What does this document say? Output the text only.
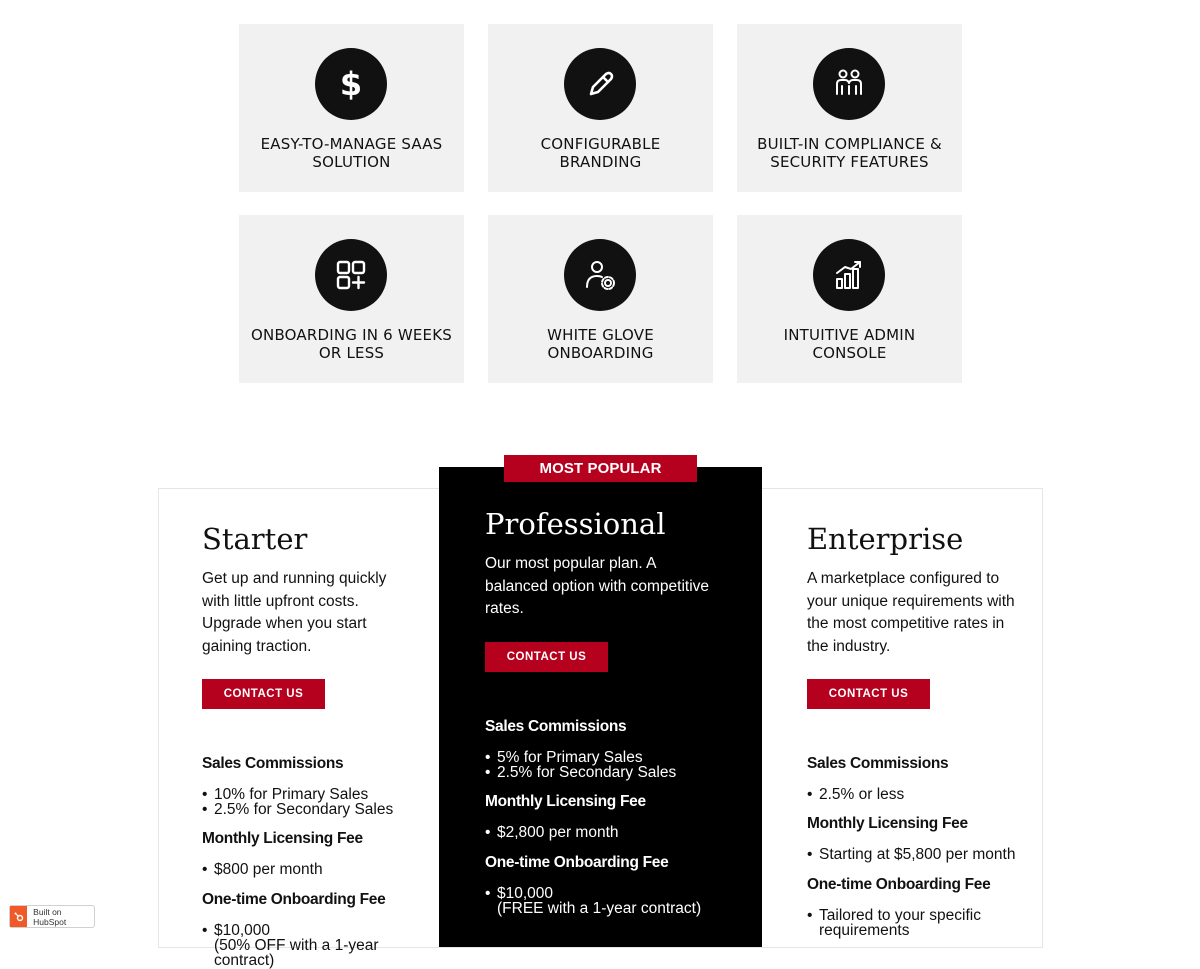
$
EASY-TO-MANAGE SAAS SOLUTION
CONFIGURABLE BRANDING
BUILT-IN COMPLIANCE & SECURITY FEATURES
ONBOARDING IN 6 WEEKS OR LESS
WHITE GLOVE ONBOARDING
INTUITIVE ADMIN CONSOLE
Starter

Get up and running quickly with little upfront costs. Upgrade when you start gaining traction.

CONTACT US
Sales Commissions
• 10% for Primary Sales
• 2.5% for Secondary Sales
Monthly Licensing Fee
• $800 per month
One-time Onboarding Fee
• $10,000
(50% OFF with a 1-year contract)
MOST POPULAR
Professional

Our most popular plan. A balanced option with competitive rates.

CONTACT US
Sales Commissions
• 5% for Primary Sales
• 2.5% for Secondary Sales
Monthly Licensing Fee
• $2,800 per month
One-time Onboarding Fee
• $10,000
(FREE with a 1-year contract)
Enterprise

A marketplace configured to your unique requirements with the most competitive rates in the industry.

CONTACT US
Sales Commissions
• 2.5% or less
Monthly Licensing Fee
• Starting at $5,800 per month
One-time Onboarding Fee
• Tailored to your specific requirements
Built on HubSpot
